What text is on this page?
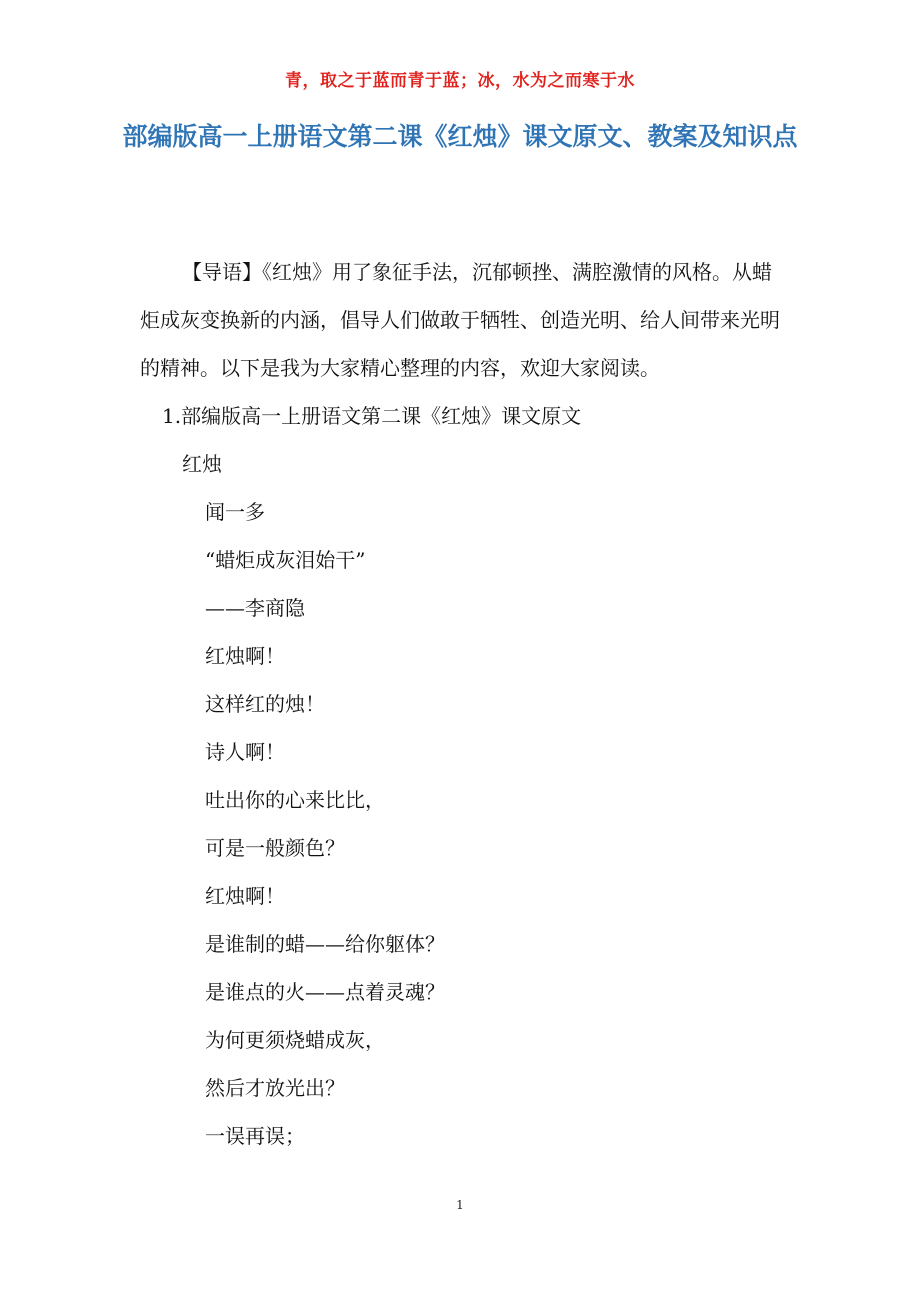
青，取之于蓝而青于蓝；冰，水为之而寒于水
部编版高一上册语文第二课《红烛》课文原文、教案及知识点

【导语】《红烛》用了象征手法，沉郁顿挫、满腔激情的风格。从蜡炬成灰变换新的内涵，倡导人们做敢于牺牲、创造光明、给人间带来光明的精神。以下是我为大家精心整理的内容，欢迎大家阅读。

1.部编版高一上册语文第二课《红烛》课文原文

红烛
闻一多
“蜡炬成灰泪始干”
——李商隐
红烛啊！
这样红的烛！
诗人啊！
吐出你的心来比比，
可是一般颜色？
红烛啊！
是谁制的蜡——给你躯体？
是谁点的火——点着灵魂？
为何更须烧蜡成灰，
然后才放光出？
一误再误；
1
